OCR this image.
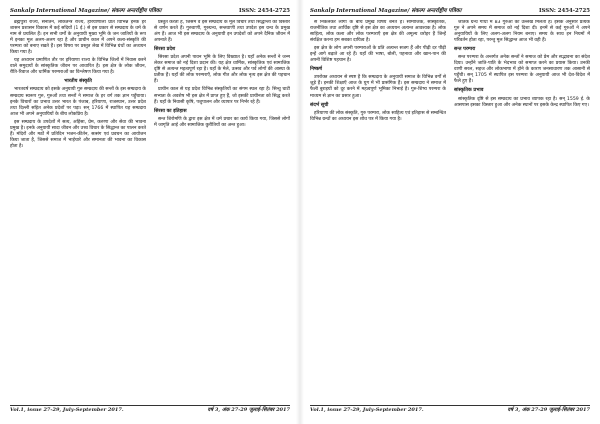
Sankalp International Magazine/ संकल्प अन्तर्राष्ट्रीय पत्रिका	ISSN: 2454-2725

ब्रह्मपुत्रा राज्य, सनातन, लोकतन्त्र राज्य, हरियाणाला प्रांत विभिन्न इनके हर शासन प्रशासन विकास में कई सदियों (1 ई.) से इस प्रकार से सम्प्रदाय के धर्म के नाम से प्रचलित हैं। इन सभी धर्मों के अनुयायी मुख्य भूमि के जन जातियों के रूप में इनका मूल अलग-अलग रहा है और प्राचीन काल में अपने कला-संस्कृति की परम्परा को बनाए रखते हैं। इस विषय पर प्रस्तुत लेख में विभिन्न ग्रंथों का अध्ययन किया गया है।

यह अध्ययन प्रमाणित तौर पर हरियाणा राज्य के विभिन्न जिलों में निवास करने वाले समुदायों के सांस्कृतिक जीवन पर आधारित है। इस क्षेत्र के लोक जीवन, रीति-रिवाज और धार्मिक परम्पराओं का विश्लेषण किया गया है।

भारतीय संस्कृति

भारतवर्ष सम्प्रदाय को इसके अनुयायी गुरु सम्प्रदाय की सन्तों के इस सम्प्रदाय के सम्प्रदाय स्वरूप गुरु, गुरुओं तथा सन्तों ने समाज के हर वर्ग तक ज्ञान पहुँचाया। इनके विचारों का प्रभाव उत्तर भारत के पंजाब, हरियाणा, राजस्थान, उत्तर प्रदेश तथा दिल्ली सहित अनेक प्रदेशों पर पड़ा। सन् 1766 में स्थापित यह सम्प्रदाय आज भी अपने अनुयायियों के बीच लोकप्रिय है।

इस सम्प्रदाय के उपदेशों में सत्य, अहिंसा, प्रेम, करुणा और सेवा की भावना प्रमुख है। इनके अनुयायी सादा जीवन और उच्च विचार के सिद्धान्त का पालन करते हैं। मंदिरों और मठों में प्रतिदिन भजन-कीर्तन, सत्संग एवं प्रवचन का आयोजन किया जाता है, जिससे समाज में भाईचारे और समानता की भावना का विकास होता है।

प्रस्तुत करता है, जिसमें वे इस सम्प्रदाय के मूल विचार तथा सिद्धान्तों का विस्तार से वर्णन करते हैं। गुरुवाणी, गुरुग्रन्थ, सन्तवाणी तथा उपदेश इस ग्रन्थ के प्रमुख अंग हैं। आज भी इस सम्प्रदाय के अनुयायी इन उपदेशों को अपने दैनिक जीवन में अपनाते हैं।

सिरसा प्रदेश

सिरसा प्रदेश अपनी पावन भूमि के लिए विख्यात है। यहाँ अनेक सन्तों ने जन्म लेकर समाज को नई दिशा प्रदान की। यह क्षेत्र धार्मिक, सांस्कृतिक एवं सामाजिक दृष्टि से अत्यन्त महत्वपूर्ण रहा है। यहाँ के मेले, उत्सव और पर्व लोगों की आस्था के प्रतीक हैं। यहाँ की लोक परम्पराएँ, लोक गीत और लोक नृत्य इस क्षेत्र की पहचान हैं।

प्राचीन काल से यह प्रदेश विभिन्न संस्कृतियों का संगम स्थल रहा है। सिन्धु घाटी सभ्यता के अवशेष भी इस क्षेत्र में प्राप्त हुए हैं, जो इसकी प्राचीनता को सिद्ध करते हैं। यहाँ के निवासी कृषि, पशुपालन और व्यापार पर निर्भर रहे हैं।

सिरसा का इतिहास

सन्त शिरोमणि के द्वारा इस क्षेत्र में धर्म प्रचार का कार्य किया गया, जिससे लोगों में जागृति आई और सामाजिक कुरीतियों का अन्त हुआ।

Vol.1, issue 27-29, July-September 2017.	वर्ष 3, अंक 27-29 जुलाई-सितंबर 2017
Sankalp International Magazine/ संकल्प अन्तर्राष्ट्रीय पत्रिका	ISSN: 2454-2725

से निकलकर लोगों के बीच प्रमुख विषय बनते हैं। सामाजिक, सांस्कृतिक, राजनीतिक तथा आर्थिक दृष्टि से इस क्षेत्र का अध्ययन अत्यन्त आवश्यक है। लोक साहित्य, लोक कला और लोक परम्पराएँ इस क्षेत्र की अमूल्य धरोहर हैं जिन्हें संरक्षित करना हम सबका दायित्व है।

इस क्षेत्र के लोग अपनी परम्पराओं के प्रति अत्यन्त सजग हैं और पीढ़ी दर पीढ़ी इन्हें आगे बढ़ाते आ रहे हैं। यहाँ की भाषा, बोली, पहनावा और खान-पान की अपनी विशिष्ट पहचान है।

निष्कर्ष

उपरोक्त अध्ययन से स्पष्ट है कि सम्प्रदाय के अनुयायी समाज के विभिन्न वर्गों से जुड़े हैं। इनकी शिक्षाएँ आज के युग में भी प्रासंगिक हैं। इस सम्प्रदाय ने समाज में फैली बुराइयों को दूर करने में महत्वपूर्ण भूमिका निभाई है। गुरु-शिष्य परम्परा के माध्यम से ज्ञान का प्रसार हुआ।

संदर्भ सूची

हरियाणा की लोक संस्कृति, गुरु परम्परा, लोक साहित्य एवं इतिहास से सम्बन्धित विभिन्न ग्रन्थों का अध्ययन इस शोध पत्र में किया गया है।

जातक ग्रन्थ गाथा में 83 गुरुओं का उल्लेख मिलता है। इसके अनुसार प्रत्येक गुरु ने अपने समय में समाज को नई दिशा दी। इनमें से कई गुरुओं ने अपने अनुयायियों के लिए अलग-अलग नियम बनाए। समय के साथ इन नियमों में परिवर्तन होता रहा, परन्तु मूल सिद्धान्त आज भी वही हैं।

सन्त परम्परा

सन्त परम्परा के अन्तर्गत अनेक सन्तों ने समाज को प्रेम और सद्भावना का संदेश दिया। उन्होंने जाति-पाति के भेदभाव को समाप्त करने का प्रयास किया। उनकी वाणी सरल, सहज और लोकभाषा में होने के कारण जनसाधारण तक आसानी से पहुँची। सन् 1705 में स्थापित इस परम्परा के अनुयायी आज भी देश-विदेश में फैले हुए हैं।

सांस्कृतिक प्रभाव

सांस्कृतिक दृष्टि से इस सम्प्रदाय का प्रभाव व्यापक रहा है। सन् 1559 ई. के आसपास इसका विस्तार हुआ और अनेक स्थानों पर इसके केन्द्र स्थापित किए गए।

Vol.1, issue 27-29, July-September 2017.	वर्ष 3, अंक 27-29 जुलाई-सितंबर 2017
